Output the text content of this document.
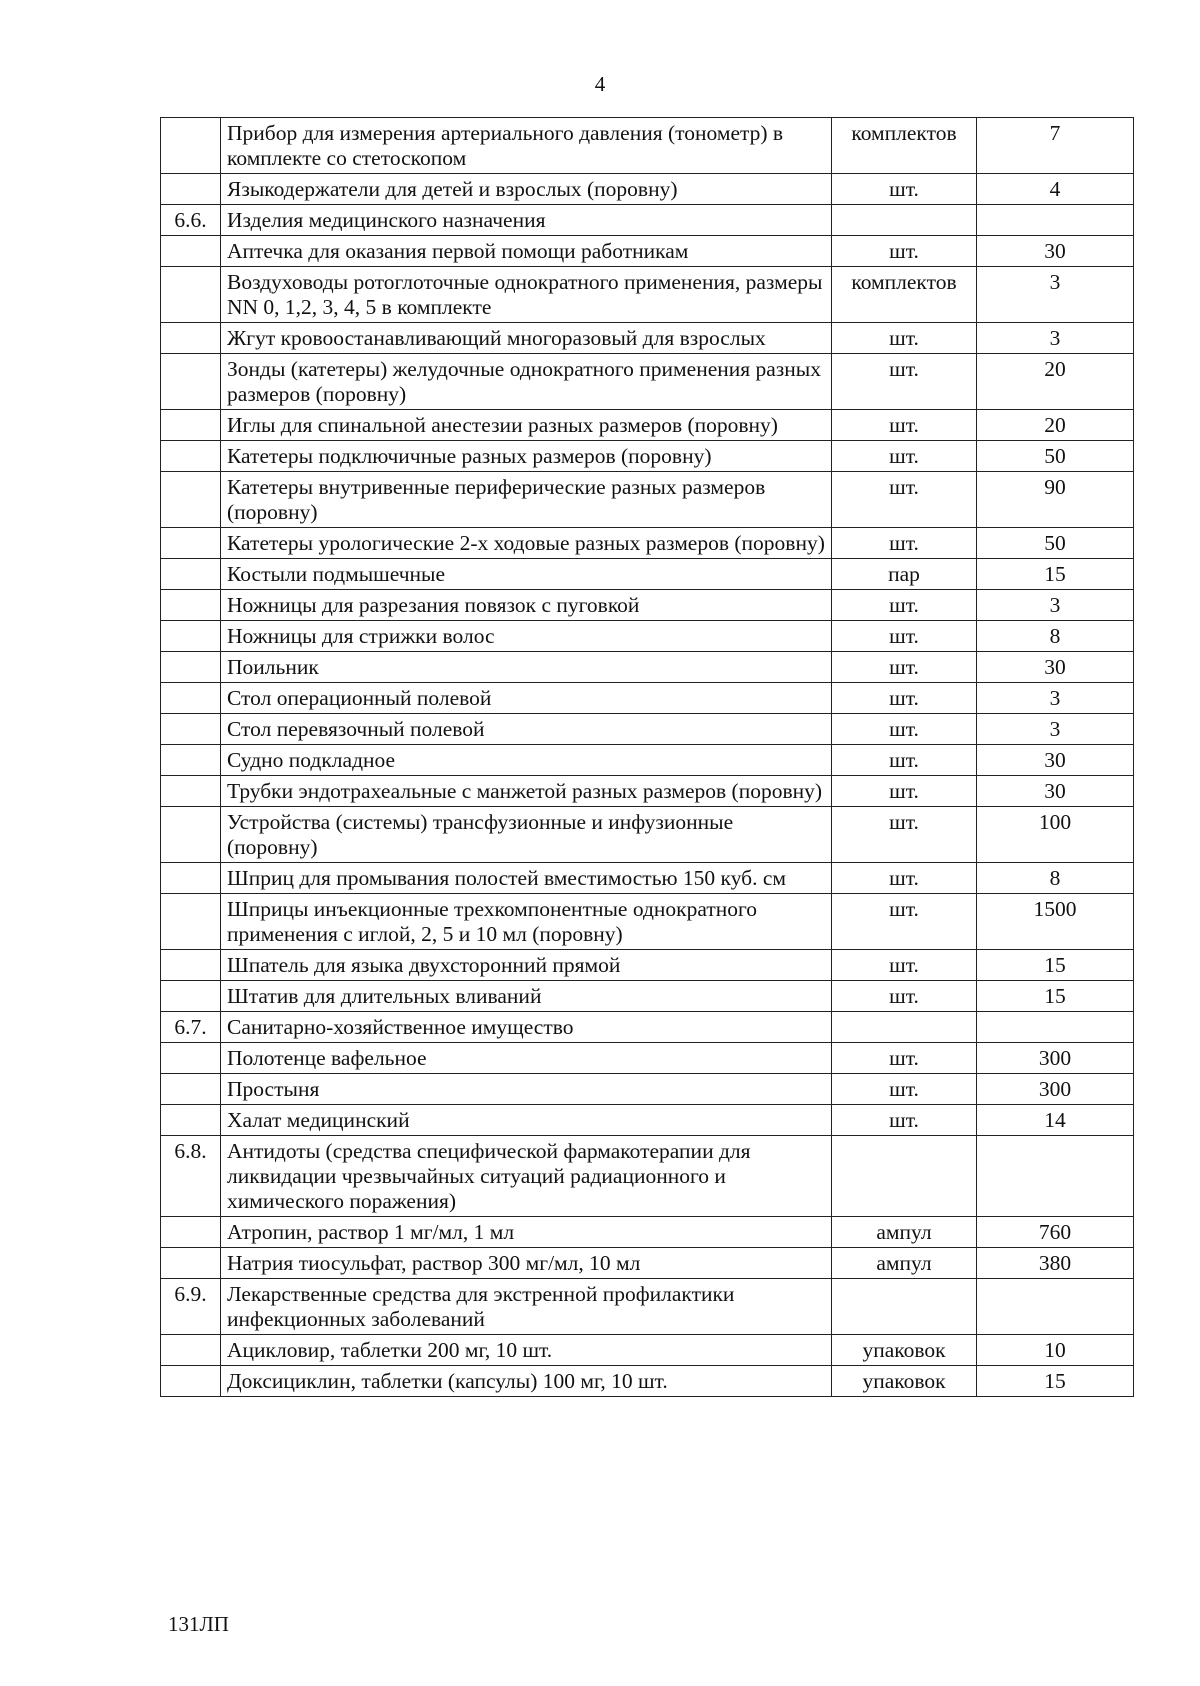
4
	Прибор для измерения артериального давления (тонометр) в комплекте со стетоскопом	комплектов	7
	Языкодержатели для детей и взрослых (поровну)	шт.	4
6.6.	Изделия медицинского назначения		
	Аптечка для оказания первой помощи работникам	шт.	30
	Воздуховоды ротоглоточные однократного применения, размеры NN 0, 1,2, 3, 4, 5 в комплекте	комплектов	3
	Жгут кровоостанавливающий многоразовый для взрослых	шт.	3
	Зонды (катетеры) желудочные однократного применения разных размеров (поровну)	шт.	20
	Иглы для спинальной анестезии разных размеров (поровну)	шт.	20
	Катетеры подключичные разных размеров (поровну)	шт.	50
	Катетеры внутривенные периферические разных размеров (поровну)	шт.	90
	Катетеры урологические 2-х ходовые разных размеров (поровну)	шт.	50
	Костыли подмышечные	пар	15
	Ножницы для разрезания повязок с пуговкой	шт.	3
	Ножницы для стрижки волос	шт.	8
	Поильник	шт.	30
	Стол операционный полевой	шт.	3
	Стол перевязочный полевой	шт.	3
	Судно подкладное	шт.	30
	Трубки эндотрахеальные с манжетой разных размеров (поровну)	шт.	30
	Устройства (системы) трансфузионные и инфузионные (поровну)	шт.	100
	Шприц для промывания полостей вместимостью 150 куб. см	шт.	8
	Шприцы инъекционные трехкомпонентные однократного применения с иглой, 2, 5 и 10 мл (поровну)	шт.	1500
	Шпатель для языка двухсторонний прямой	шт.	15
	Штатив для длительных вливаний	шт.	15
6.7.	Санитарно-хозяйственное имущество		
	Полотенце вафельное	шт.	300
	Простыня	шт.	300
	Халат медицинский	шт.	14
6.8.	Антидоты (средства специфической фармакотерапии для ликвидации чрезвычайных ситуаций радиационного и химического поражения)		
	Атропин, раствор 1 мг/мл, 1 мл	ампул	760
	Натрия тиосульфат, раствор 300 мг/мл, 10 мл	ампул	380
6.9.	Лекарственные средства для экстренной профилактики инфекционных заболеваний		
	Ацикловир, таблетки 200 мг, 10 шт.	упаковок	10
	Доксициклин, таблетки (капсулы) 100 мг, 10 шт.	упаковок	15
131ЛП
